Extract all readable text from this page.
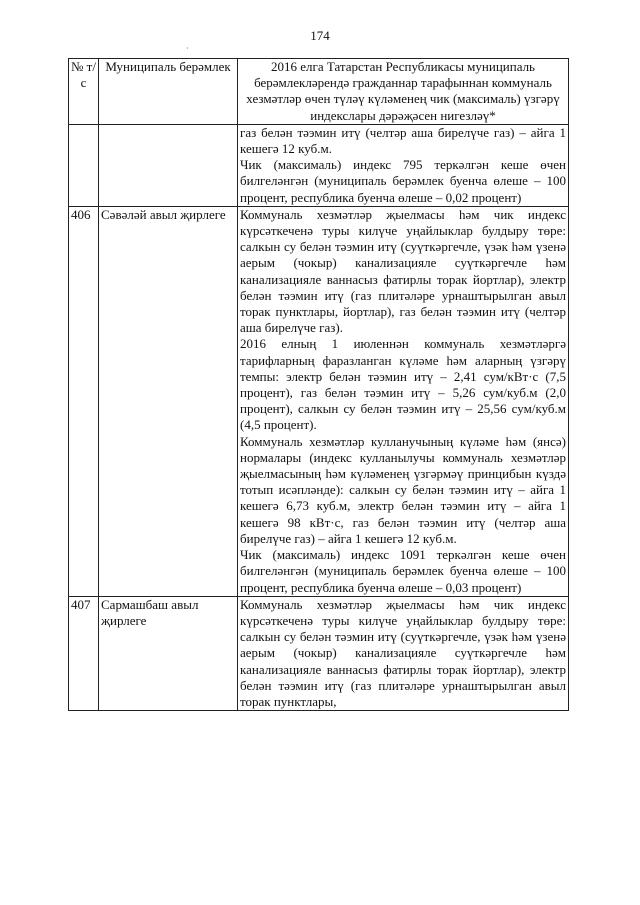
174
·
№ т/с	Муниципаль берәмлек	2016 елга Татарстан Республикасы муниципаль берәмлекләрендә гражданнар тарафыннан коммуналь хезмәтләр өчен түләү күләменең чик (максималь) үзгәрү индекслары дәрәҗәсен нигезләү*

		газ белән тәэмин итү (челтәр аша бирелүче газ) – айга 1 кешегә 12 куб.м.

Чик (максималь) индекс 795 теркәлгән кеше өчен билгеләнгән (муниципаль берәмлек буенча өлеше – 100 процент, республика буенча өлеше – 0,02 процент)

406	Сәвәләй авыл җирлеге	Коммуналь хезмәтләр җыелмасы һәм чик индекс күрсәткеченә туры килүче уңайлыклар булдыру төре: салкын су белән тәэмин итү (суүткәргечле, үзәк һәм үзенә аерым (чокыр) канализацияле суүткәргечле һәм канализацияле ваннасыз фатирлы торак йортлар), электр белән тәэмин итү (газ плитәләре урнаштырылган авыл торак пунктлары, йортлар), газ белән тәэмин итү (челтәр аша бирелүче газ).

2016 елның 1 июленнән коммуналь хезмәтләргә тарифларның фаразланган күләме һәм аларның үзгәрү темпы: электр белән тәэмин итү – 2,41 сум/кВт·с (7,5 процент), газ белән тәэмин итү – 5,26 сум/куб.м (2,0 процент), салкын су белән тәэмин итү – 25,56 сум/куб.м (4,5 процент).

Коммуналь хезмәтләр кулланучының күләме һәм (янсә) нормалары (индекс кулланылучы коммуналь хезмәтләр җыелмасының һәм күләменең үзгәрмәү принцибын күздә тотып исәпләнде): салкын су белән тәэмин итү – айга 1 кешегә 6,73 куб.м, электр белән тәэмин итү – айга 1 кешегә 98 кВт·с, газ белән тәэмин итү (челтәр аша бирелүче газ) – айга 1 кешегә 12 куб.м.

Чик (максималь) индекс 1091 теркәлгән кеше өчен билгеләнгән (муниципаль берәмлек буенча өлеше – 100 процент, республика буенча өлеше – 0,03 процент)

407	Сармашбаш авыл җирлеге	Коммуналь хезмәтләр җыелмасы һәм чик индекс күрсәткеченә туры килүче уңайлыклар булдыру төре: салкын су белән тәэмин итү (суүткәргечле, үзәк һәм үзенә аерым (чокыр) канализацияле суүткәргечле һәм канализацияле ваннасыз фатирлы торак йортлар), электр белән тәэмин итү (газ плитәләре урнаштырылган авыл торак пунктлары,
